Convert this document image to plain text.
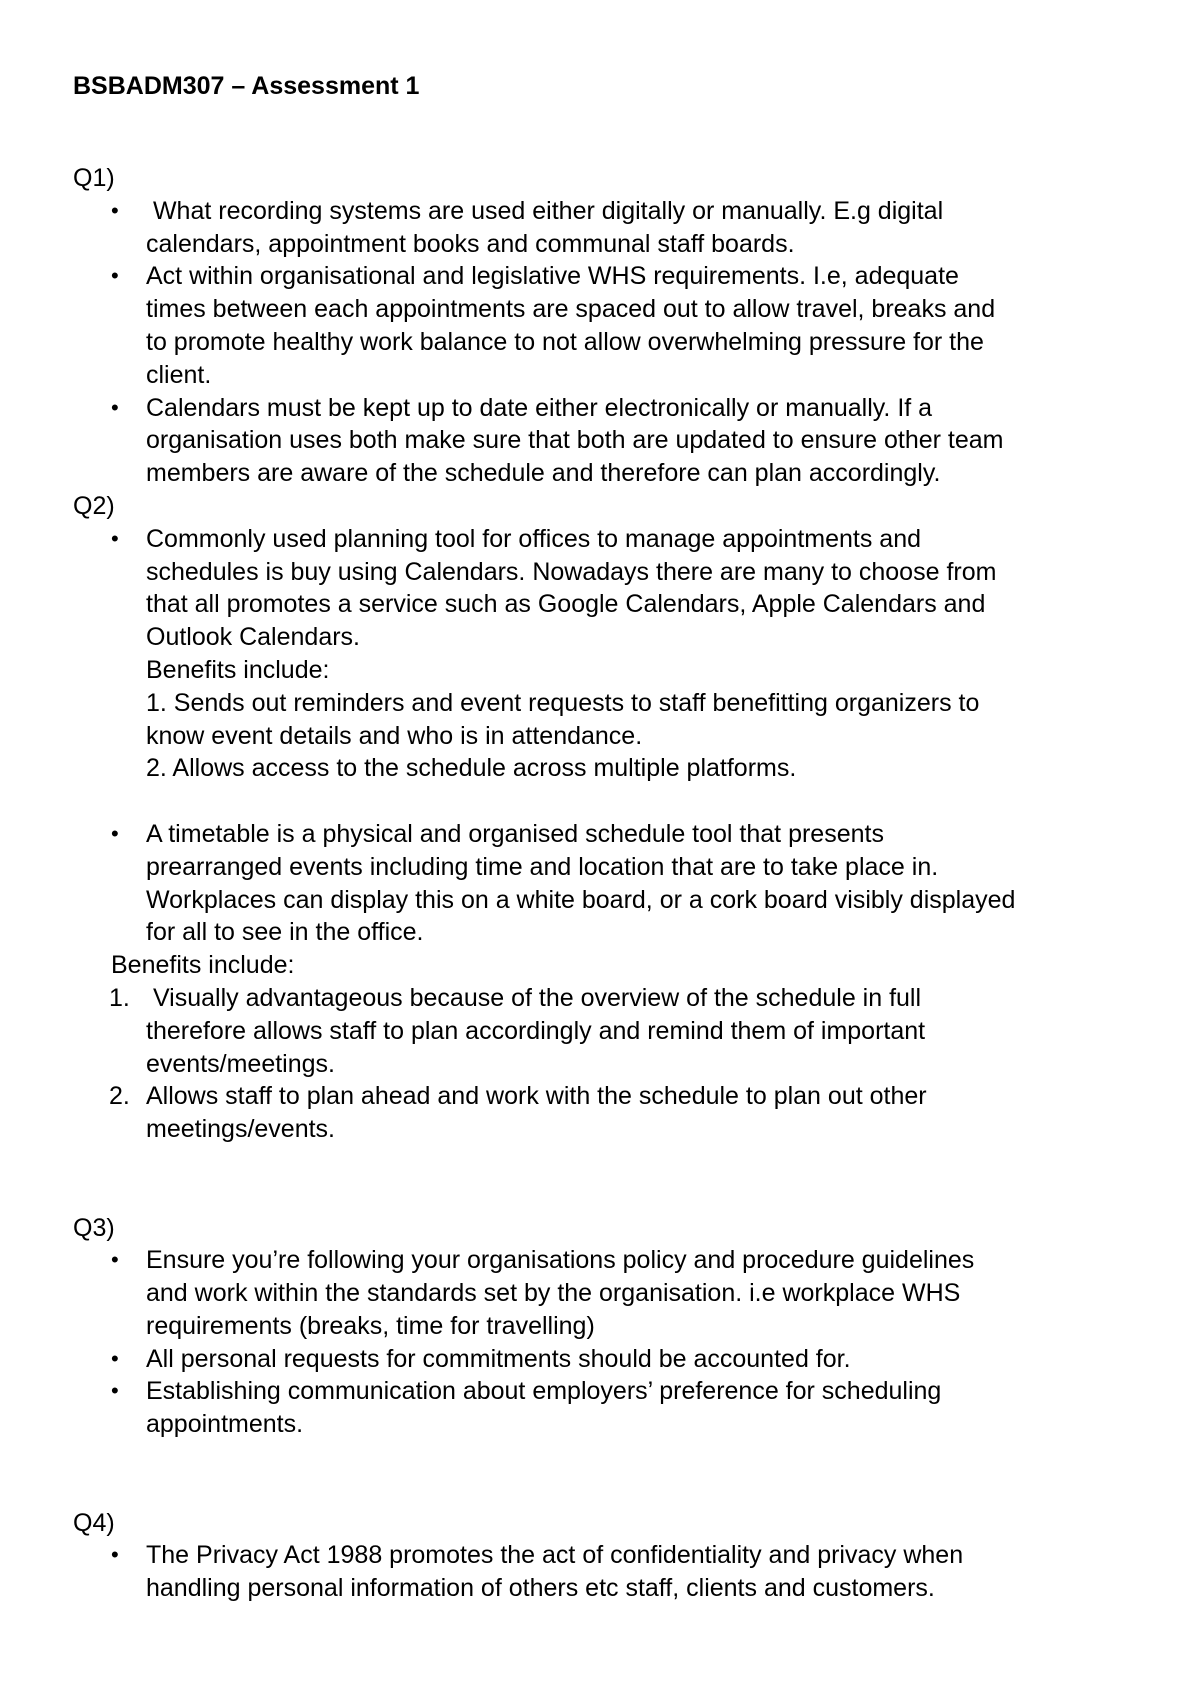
BSBADM307 – Assessment 1
Q1)
• What recording systems are used either digitally or manually. E.g digital
calendars, appointment books and communal staff boards.
• Act within organisational and legislative WHS requirements. I.e, adequate
times between each appointments are spaced out to allow travel, breaks and
to promote healthy work balance to not allow overwhelming pressure for the
client.
• Calendars must be kept up to date either electronically or manually. If a
organisation uses both make sure that both are updated to ensure other team
members are aware of the schedule and therefore can plan accordingly.
Q2)
• Commonly used planning tool for offices to manage appointments and
schedules is buy using Calendars. Nowadays there are many to choose from
that all promotes a service such as Google Calendars, Apple Calendars and
Outlook Calendars.
Benefits include:
1. Sends out reminders and event requests to staff benefitting organizers to
know event details and who is in attendance.
2. Allows access to the schedule across multiple platforms.
• A timetable is a physical and organised schedule tool that presents
prearranged events including time and location that are to take place in.
Workplaces can display this on a white board, or a cork board visibly displayed
for all to see in the office.
Benefits include:
1. Visually advantageous because of the overview of the schedule in full
therefore allows staff to plan accordingly and remind them of important
events/meetings.
2. Allows staff to plan ahead and work with the schedule to plan out other
meetings/events.
Q3)
• Ensure you’re following your organisations policy and procedure guidelines
and work within the standards set by the organisation. i.e workplace WHS
requirements (breaks, time for travelling)
• All personal requests for commitments should be accounted for.
• Establishing communication about employers’ preference for scheduling
appointments.
Q4)
• The Privacy Act 1988 promotes the act of confidentiality and privacy when
handling personal information of others etc staff, clients and customers.
